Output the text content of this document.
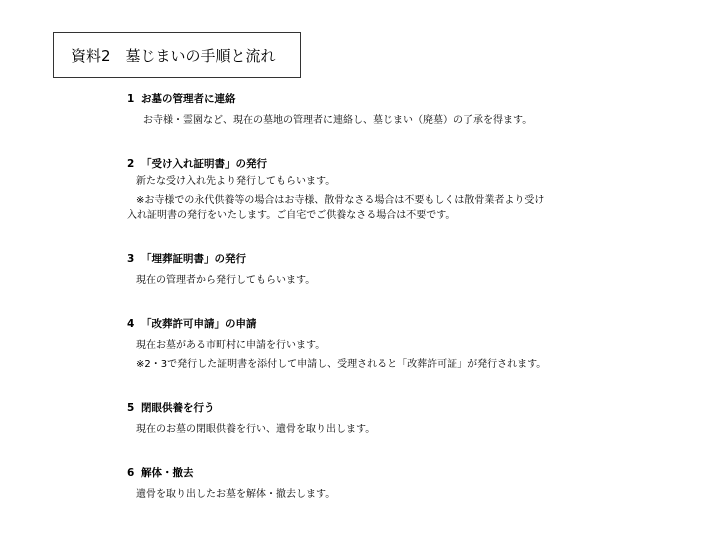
資料2　墓じまいの手順と流れ
1 お墓の管理者に連絡
お寺様・霊園など、現在の墓地の管理者に連絡し、墓じまい（廃墓）の了承を得ます。
2 「受け入れ証明書」の発行
新たな受け入れ先より発行してもらいます。
※お寺様での永代供養等の場合はお寺様、散骨なさる場合は不要もしくは散骨業者より受け
入れ証明書の発行をいたします。ご自宅でご供養なさる場合は不要です。
3 「埋葬証明書」の発行
現在の管理者から発行してもらいます。
4 「改葬許可申請」の申請
現在お墓がある市町村に申請を行います。
※2・3で発行した証明書を添付して申請し、受理されると「改葬許可証」が発行されます。
5 閉眼供養を行う
現在のお墓の閉眼供養を行い、遺骨を取り出します。
6 解体・撤去
遺骨を取り出したお墓を解体・撤去します。
